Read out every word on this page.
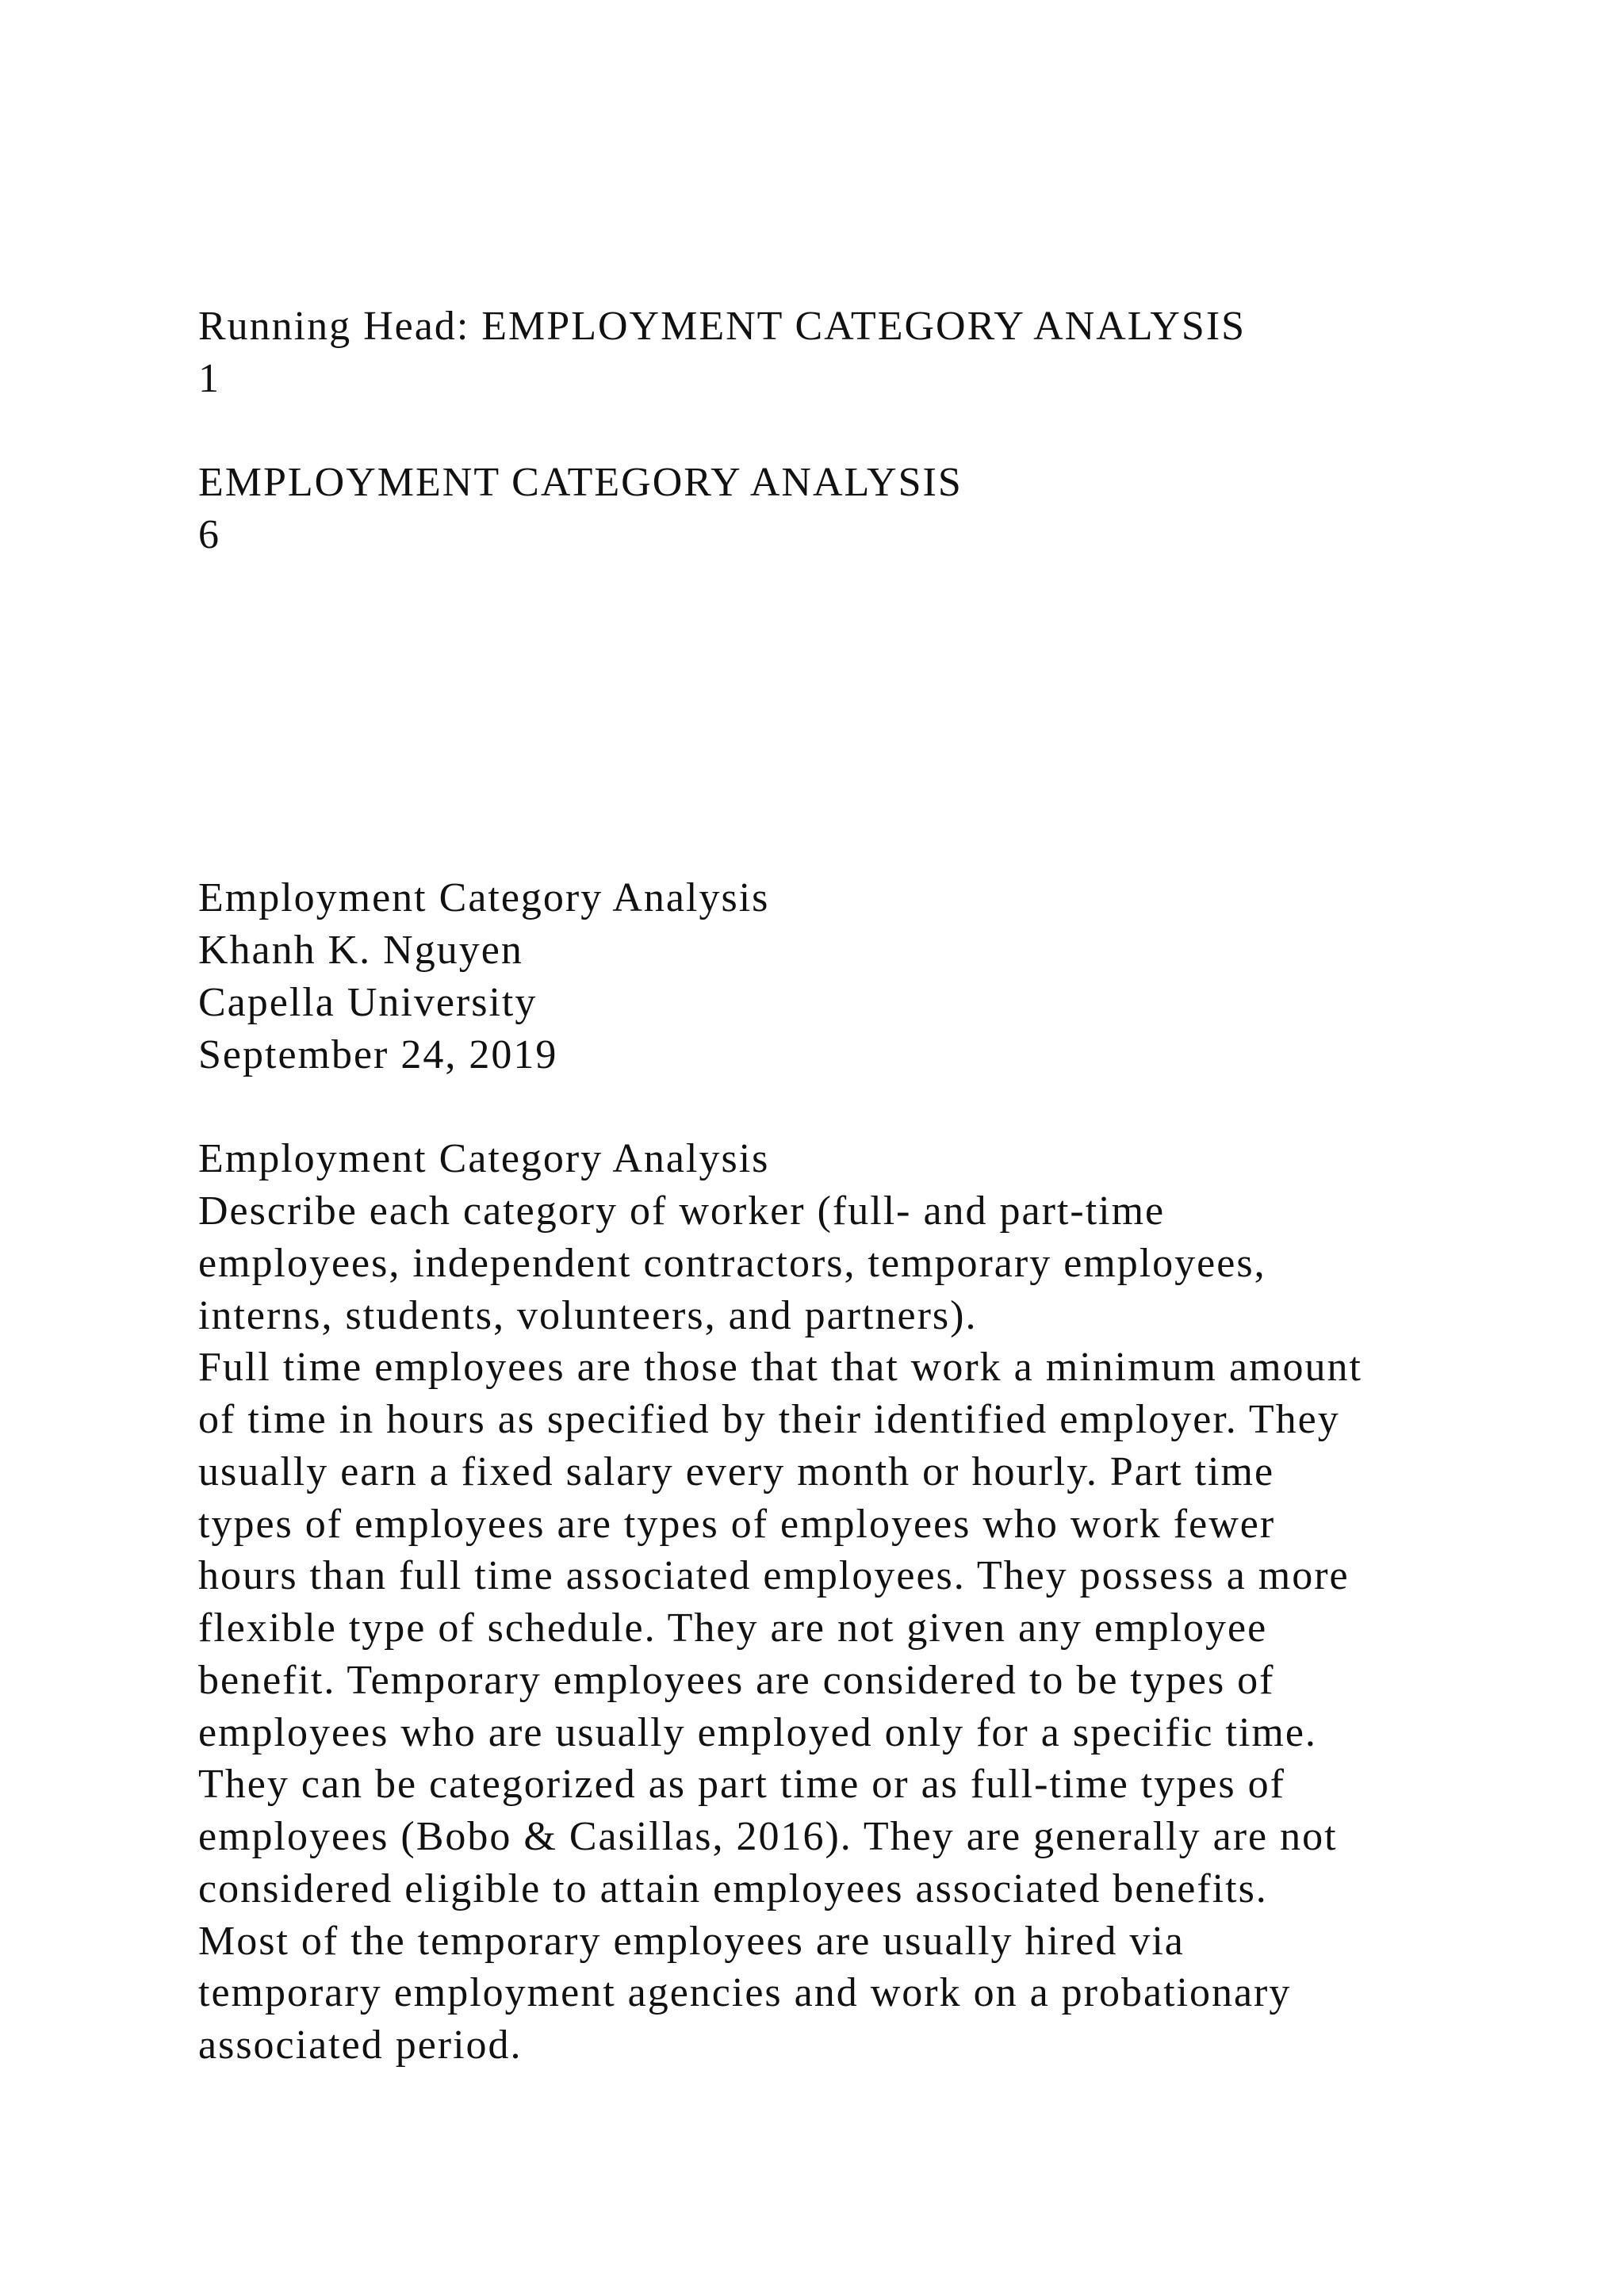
Running Head: EMPLOYMENT CATEGORY ANALYSIS
1
EMPLOYMENT CATEGORY ANALYSIS
6
Employment Category Analysis
Khanh K. Nguyen
Capella University
September 24, 2019
Employment Category Analysis
Describe each category of worker (full- and part-time
employees, independent contractors, temporary employees,
interns, students, volunteers, and partners).
Full time employees are those that that work a minimum amount
of time in hours as specified by their identified employer. They
usually earn a fixed salary every month or hourly. Part time
types of employees are types of employees who work fewer
hours than full time associated employees. They possess a more
flexible type of schedule. They are not given any employee
benefit. Temporary employees are considered to be types of
employees who are usually employed only for a specific time.
They can be categorized as part time or as full-time types of
employees (Bobo & Casillas, 2016). They are generally are not
considered eligible to attain employees associated benefits.
Most of the temporary employees are usually hired via
temporary employment agencies and work on a probationary
associated period.
